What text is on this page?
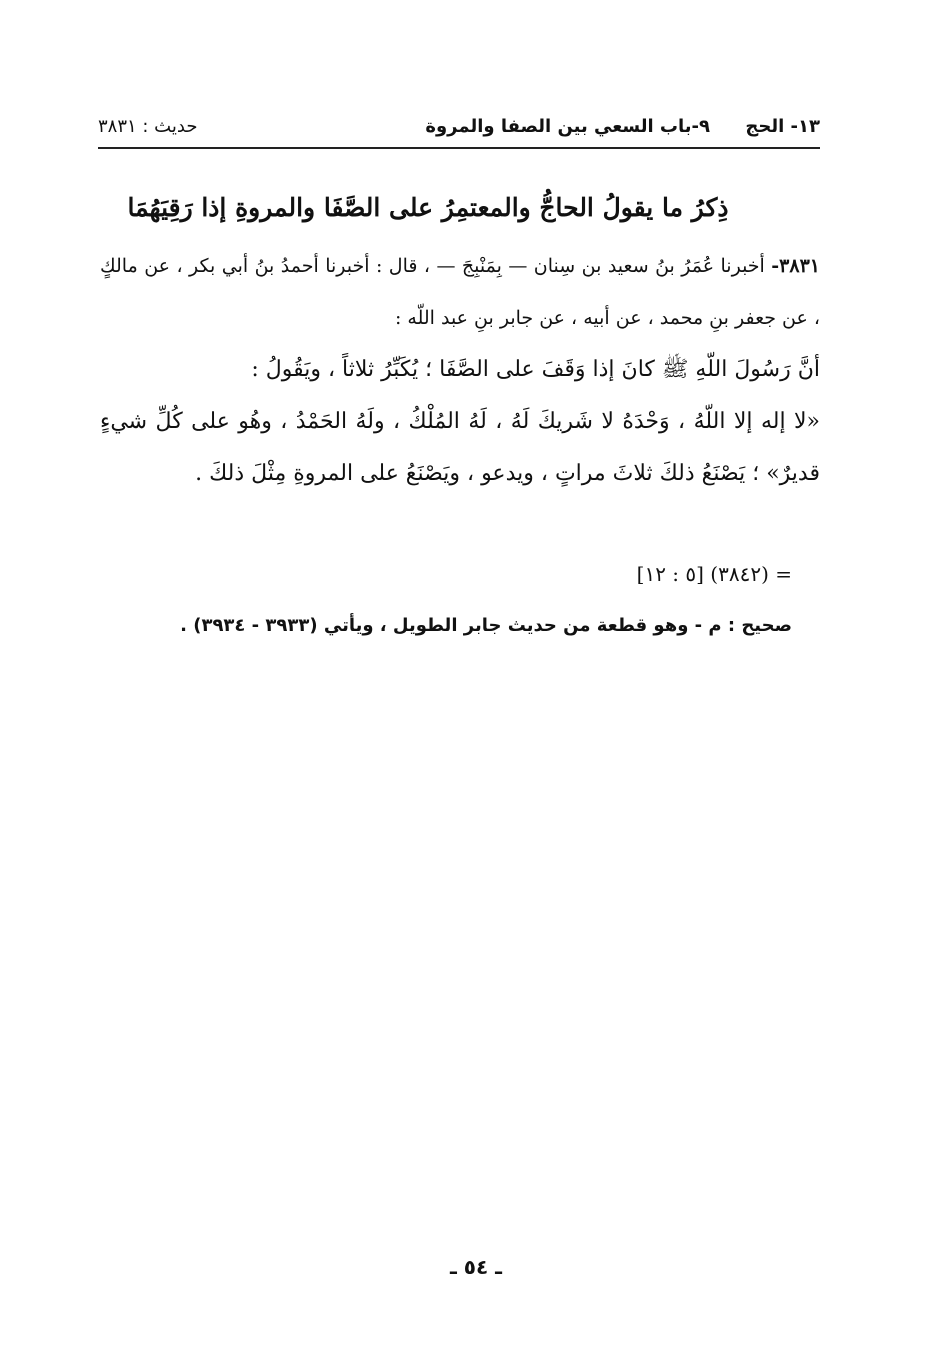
١٣- الحج
٩-باب السعي بين الصفا والمروة
حديث : ٣٨٣١
ذِكرُ ما يقولُ الحاجُّ والمعتمِرُ على الصَّفَا والمروةِ إذا رَقِيَهُمَا

٣٨٣١- أخبرنا عُمَرُ بنُ سعيد بن سِنان — بِمَنْبِجَ — ، قال : أخبرنا أحمدُ بنُ أبي بكر ، عن مالكٍ ، عن جعفر بنِ محمد ، عن أبيه ، عن جابر بنِ عبد اللّه :

أنَّ رَسُولَ اللّهِ ﷺ كانَ إذا وَقَفَ على الصَّفَا ؛ يُكَبِّرُ ثلاثاً ، ويَقُولُ :

«لا إله إلا اللّهُ ، وَحْدَهُ لا شَريكَ لَهُ ، لَهُ المُلْكُ ، ولَهُ الحَمْدُ ، وهُو على كُلِّ شيءٍ قديرٌ» ؛ يَصْنَعُ ذلكَ ثلاثَ مراتٍ ، ويدعو ، ويَصْنَعُ على المروةِ مِثْلَ ذلكَ .

= (٣٨٤٢) [٥ : ١٢]
صحيح : م - وهو قطعة من حديث جابر الطويل ، ويأتي (٣٩٣٣ - ٣٩٣٤) .
ـ ٥٤ ـ
